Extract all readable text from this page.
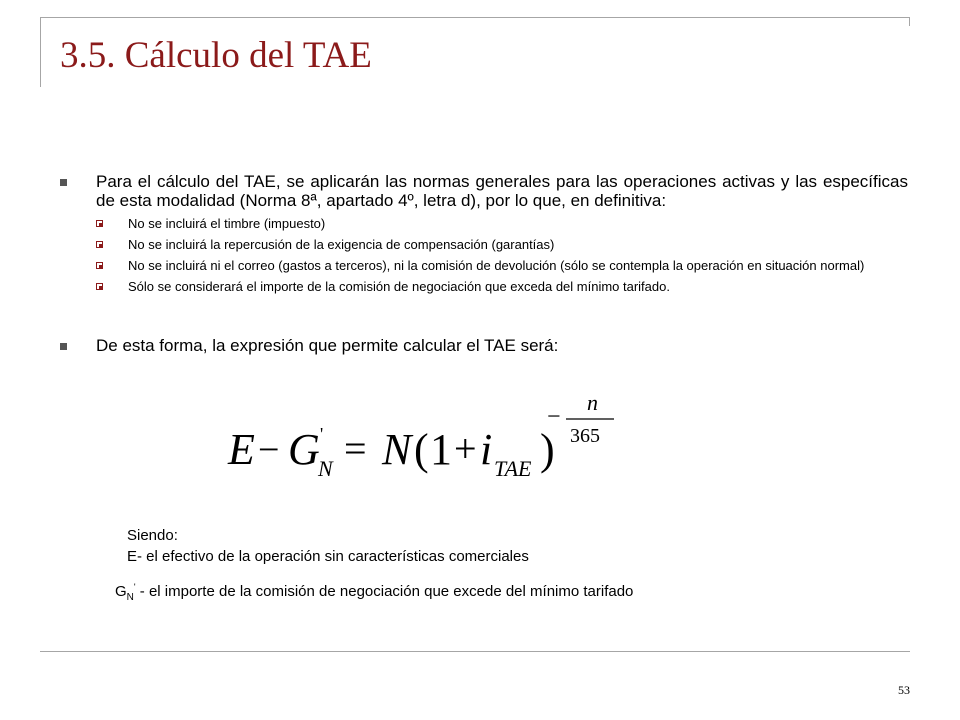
3.5. Cálculo del TAE
Para el cálculo del TAE, se aplicarán las normas generales para las operaciones activas y las específicas de esta modalidad (Norma 8ª, apartado 4º, letra d), por lo que, en definitiva:
No se incluirá el timbre (impuesto)
No se incluirá la repercusión de la exigencia de compensación (garantías)
No se incluirá ni el correo (gastos a terceros), ni la comisión de devolución (sólo se contempla la operación en situación normal)
Sólo se considerará el importe de la comisión de negociación que exceda del mínimo tarifado.
De esta forma, la expresión que permite calcular el TAE será:
E − G '
N = N ( 1 + i TAE )
−
n
365
Siendo:
E- el efectivo de la operación sin características comerciales
$G_N'$ - el importe de la comisión de negociación que excede del mínimo tarifado
53
